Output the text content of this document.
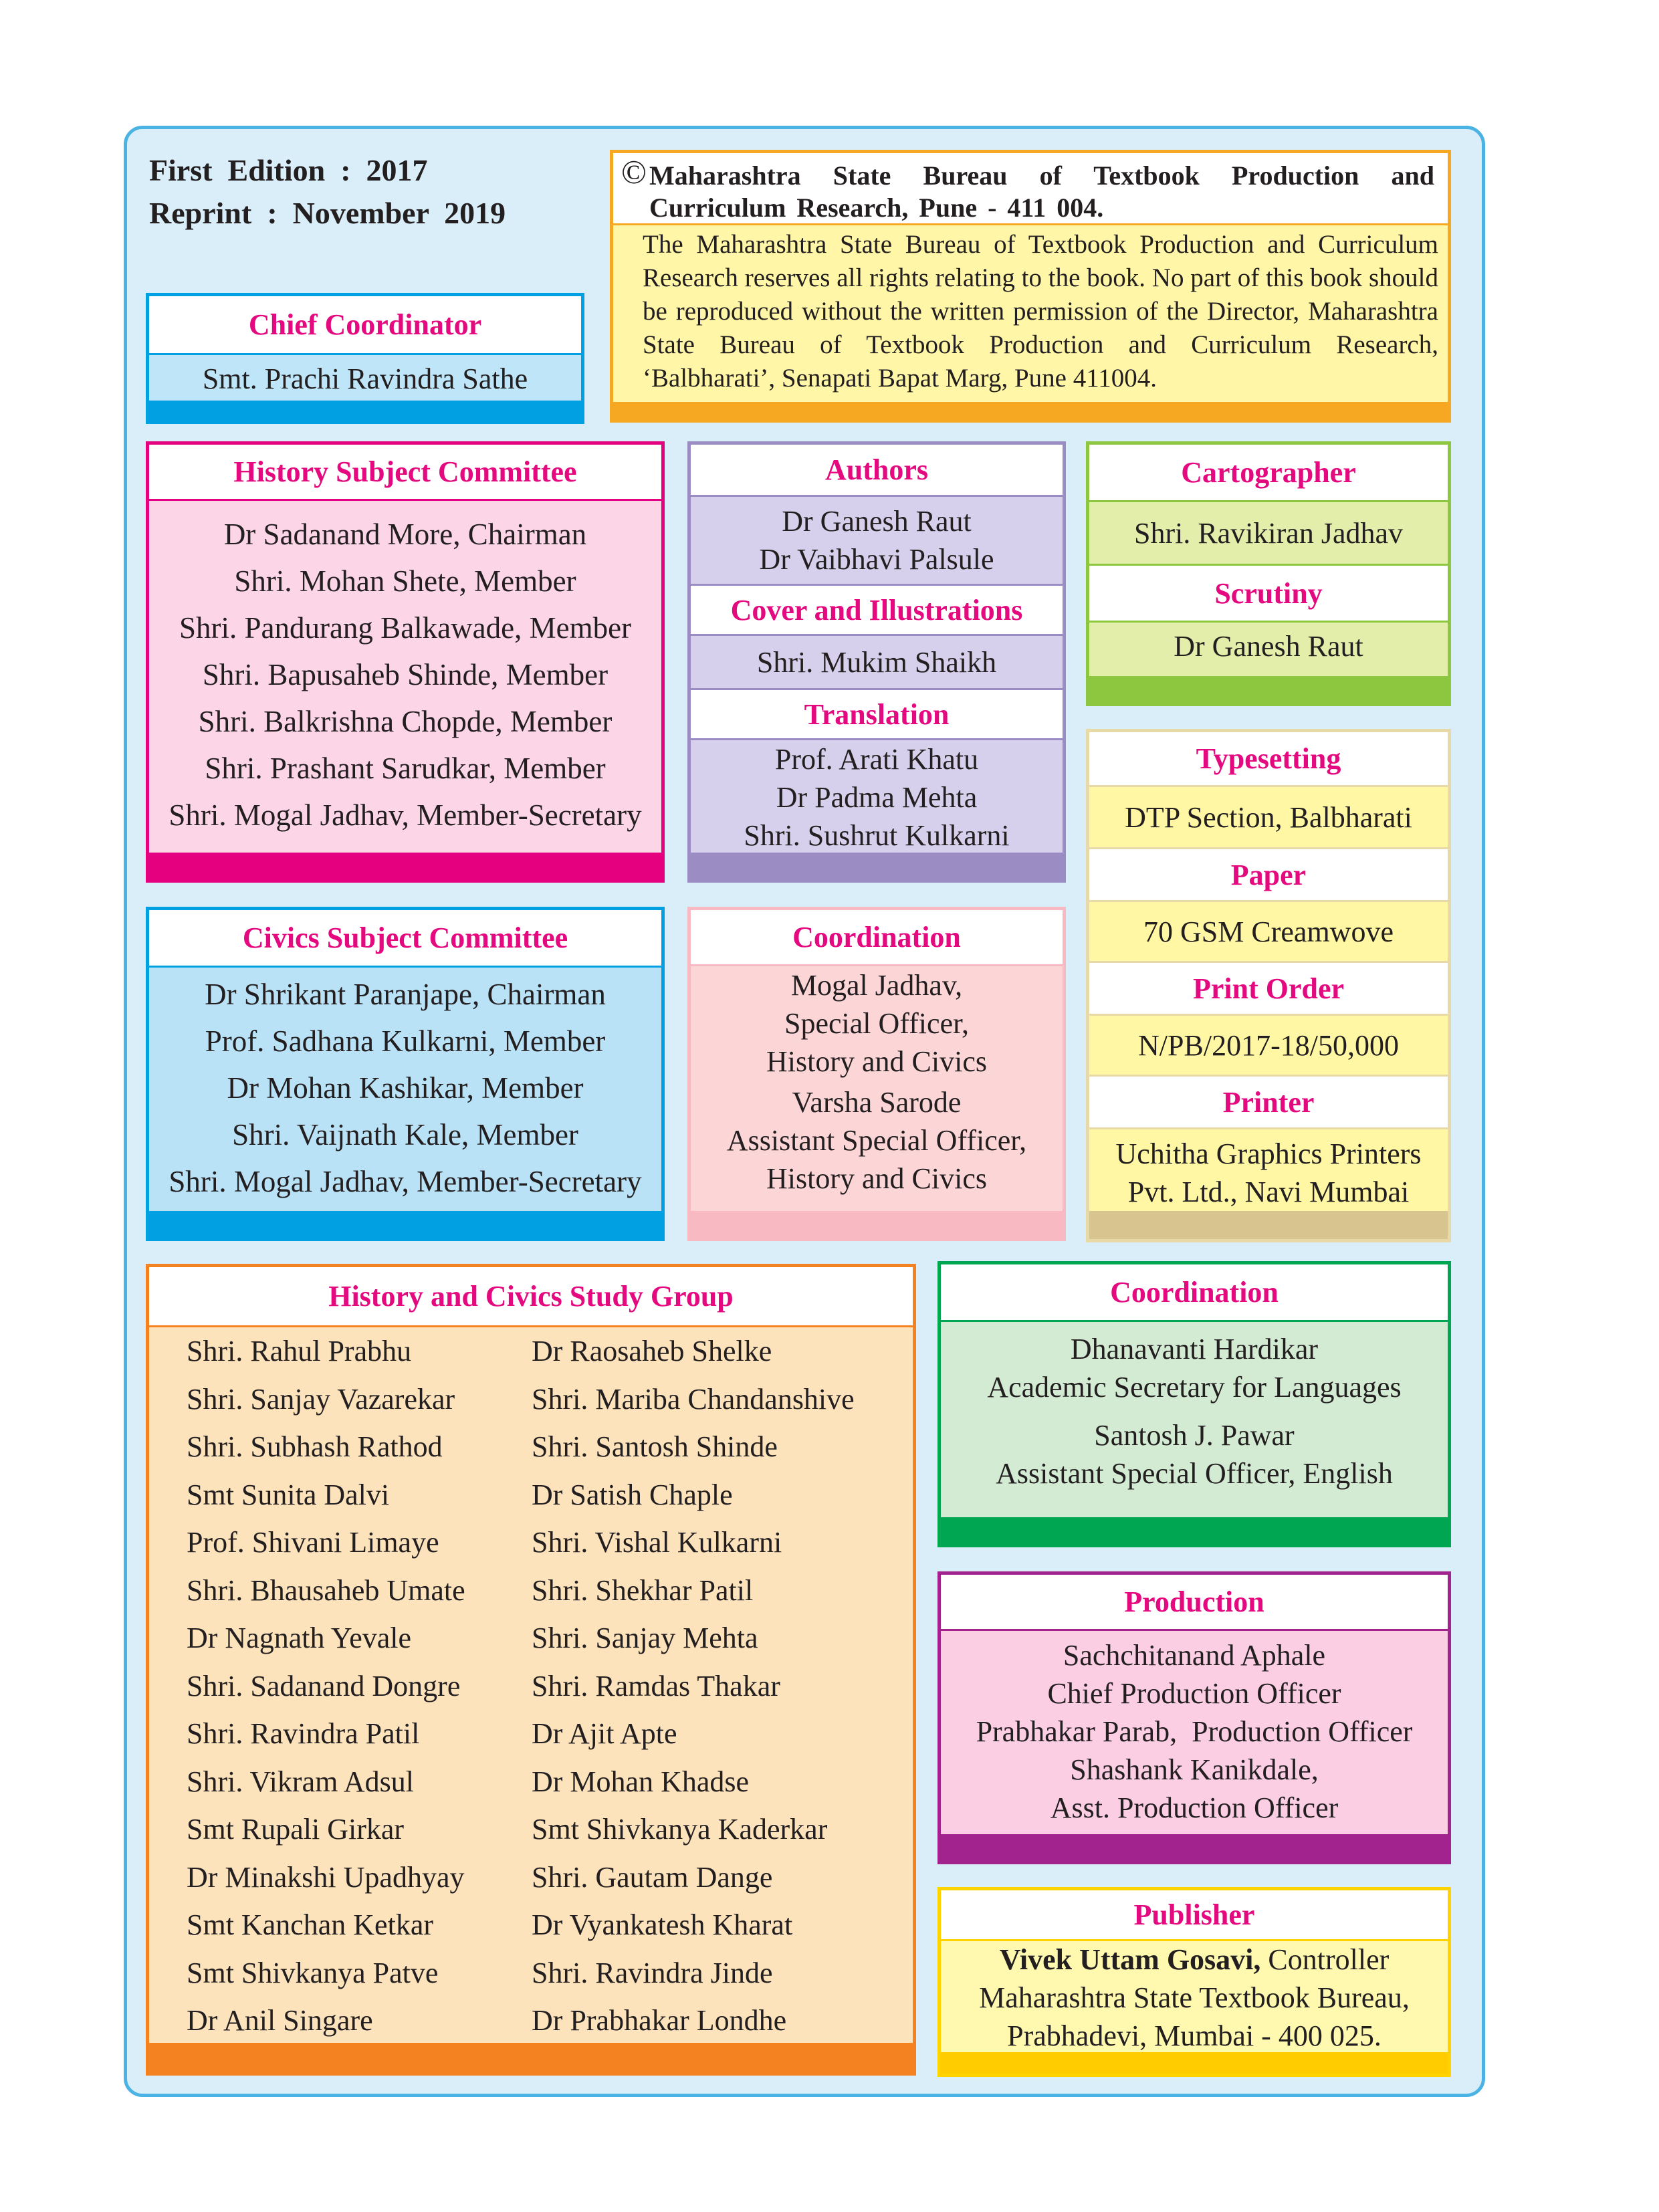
First  Edition  :  2017
Reprint  :  November  2019
© Maharashtra State Bureau of Textbook Production and
Curriculum Research, Pune - 411 004.
The Maharashtra State Bureau of Textbook Production and Curriculum Research reserves all rights relating to the book. No part of this book should be reproduced without the written permission of the Director, Maharashtra State Bureau of Textbook Production and Curriculum Research, ‘Balbharati’, Senapati Bapat Marg, Pune 411004.
Chief Coordinator
Smt. Prachi Ravindra Sathe
History Subject Committee
Dr Sadanand More, Chairman
Shri. Mohan Shete, Member
Shri. Pandurang Balkawade, Member
Shri. Bapusaheb Shinde, Member
Shri. Balkrishna Chopde, Member
Shri. Prashant Sarudkar, Member
Shri. Mogal Jadhav, Member-Secretary
Authors
Dr Ganesh Raut
Dr Vaibhavi Palsule
Cover and Illustrations
Shri. Mukim Shaikh
Translation
Prof. Arati Khatu
Dr Padma Mehta
Shri. Sushrut Kulkarni
Cartographer
Shri. Ravikiran Jadhav
Scrutiny
Dr Ganesh Raut
Typesetting
DTP Section, Balbharati
Paper
70 GSM Creamwove
Print Order
N/PB/2017-18/50,000
Printer
Uchitha Graphics Printers
Pvt. Ltd., Navi Mumbai
Civics Subject Committee
Dr Shrikant Paranjape, Chairman
Prof. Sadhana Kulkarni, Member
Dr Mohan Kashikar, Member
Shri. Vaijnath Kale, Member
Shri. Mogal Jadhav, Member-Secretary
Coordination
Mogal Jadhav,
Special Officer,
History and Civics
Varsha Sarode
Assistant Special Officer,
History and Civics
History and Civics Study Group
Shri. Rahul Prabhu
Shri. Sanjay Vazarekar
Shri. Subhash Rathod
Smt Sunita Dalvi
Prof. Shivani Limaye
Shri. Bhausaheb Umate
Dr Nagnath Yevale
Shri. Sadanand Dongre
Shri. Ravindra Patil
Shri. Vikram Adsul
Smt Rupali Girkar
Dr Minakshi Upadhyay
Smt Kanchan Ketkar
Smt Shivkanya Patve
Dr Anil Singare
Dr Raosaheb Shelke
Shri. Mariba Chandanshive
Shri. Santosh Shinde
Dr Satish Chaple
Shri. Vishal Kulkarni
Shri. Shekhar Patil
Shri. Sanjay Mehta
Shri. Ramdas Thakar
Dr Ajit Apte
Dr Mohan Khadse
Smt Shivkanya Kaderkar
Shri. Gautam Dange
Dr Vyankatesh Kharat
Shri. Ravindra Jinde
Dr Prabhakar Londhe
Coordination
Dhanavanti Hardikar
Academic Secretary for Languages
Santosh J. Pawar
Assistant Special Officer, English
Production
Sachchitanand Aphale
Chief Production Officer
Prabhakar Parab,  Production Officer
Shashank Kanikdale,
Asst. Production Officer
Publisher
Vivek Uttam Gosavi, Controller
Maharashtra State Textbook Bureau,
Prabhadevi, Mumbai - 400 025.
